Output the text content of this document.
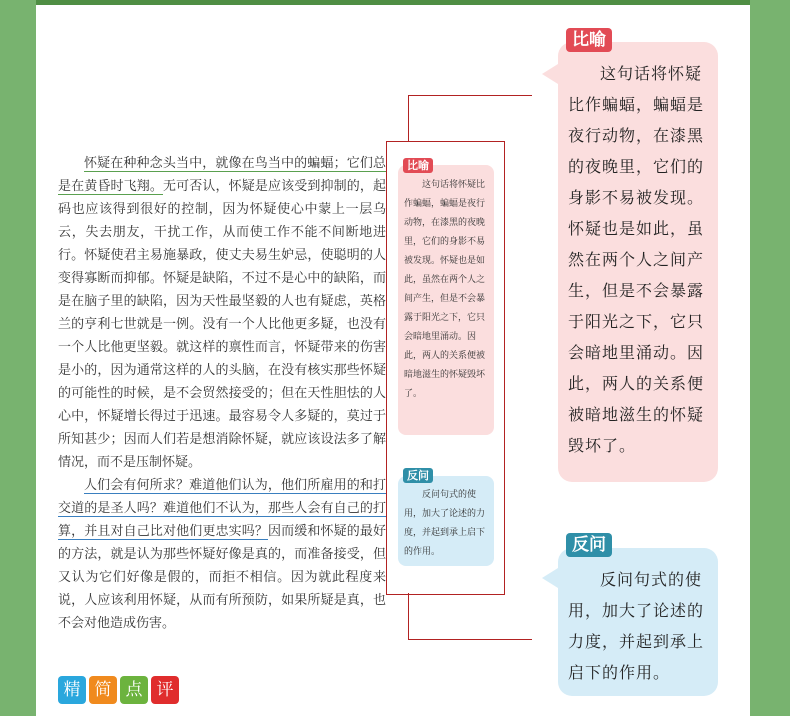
怀疑在种种念头当中，就像在鸟当中的蝙蝠；它们总是在黄昏时飞翔。无可否认，怀疑是应该受到抑制的，起码也应该得到很好的控制，因为怀疑使心中蒙上一层乌云，失去朋友，干扰工作，从而使工作不能不间断地进行。怀疑使君主易施暴政，使丈夫易生妒忌，使聪明的人变得寡断而抑郁。怀疑是缺陷，不过不是心中的缺陷，而是在脑子里的缺陷，因为天性最坚毅的人也有疑虑，英格兰的亨利七世就是一例。没有一个人比他更多疑，也没有一个人比他更坚毅。就这样的禀性而言，怀疑带来的伤害是小的，因为通常这样的人的头脑，在没有核实那些怀疑的可能性的时候，是不会贸然接受的；但在天性胆怯的人心中，怀疑增长得过于迅速。最容易令人多疑的，莫过于所知甚少；因而人们若是想消除怀疑，就应该设法多了解情况，而不是压制怀疑。

人们会有何所求？难道他们认为，他们所雇用的和打交道的是圣人吗？难道他们不认为，那些人会有自己的打算，并且对自己比对他们更忠实吗？因而缓和怀疑的最好的方法，就是认为那些怀疑好像是真的，而准备接受，但又认为它们好像是假的，而拒不相信。因为就此程度来说，人应该利用怀疑，从而有所预防，如果所疑是真，也不会对他造成伤害。

比喻
这句话将怀疑比作蝙蝠，蝙蝠是夜行动物，在漆黑的夜晚里，它们的身影不易被发现。怀疑也是如此，虽然在两个人之间产生，但是不会暴露于阳光之下，它只会暗地里涌动。因此，两人的关系便被暗地滋生的怀疑毁坏了。
反问
反问句式的使用，加大了论述的力度，并起到承上启下的作用。
比喻
这句话将怀疑比作蝙蝠，蝙蝠是夜行动物，在漆黑的夜晚里，它们的身影不易被发现。怀疑也是如此，虽然在两个人之间产生，但是不会暴露于阳光之下，它只会暗地里涌动。因此，两人的关系便被暗地滋生的怀疑毁坏了。
反问
反问句式的使用，加大了论述的力度，并起到承上启下的作用。
精 简 点 评
